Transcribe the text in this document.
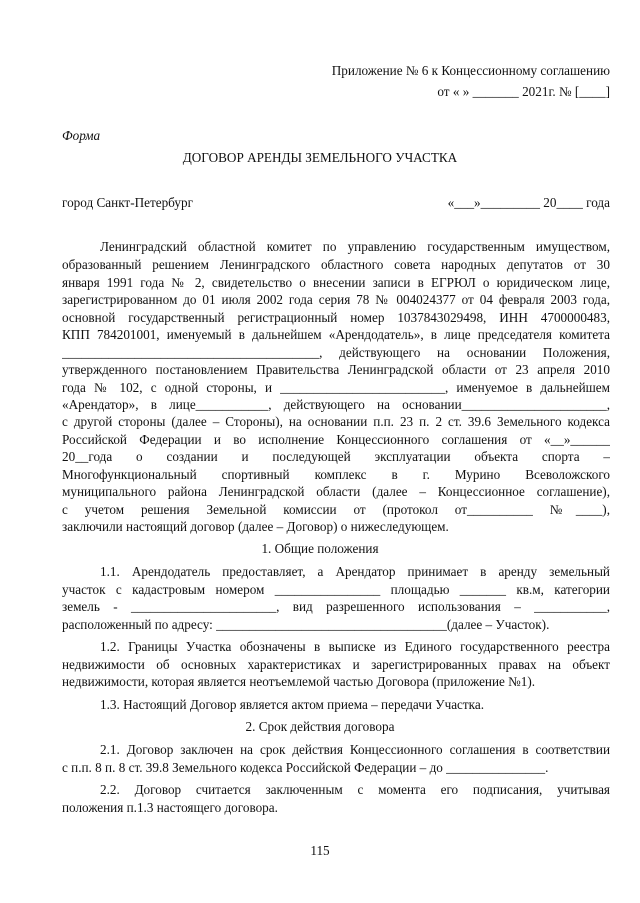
Приложение № 6 к Концессионному соглашению
от « » _______ 2021г. № [____]
Форма
ДОГОВОР АРЕНДЫ ЗЕМЕЛЬНОГО УЧАСТКА
город Санкт-Петербург	«___»_________ 20____ года
Ленинградский областной комитет по управлению государственным имуществом,
образованный решением Ленинградского областного совета народных депутатов от 30
января 1991 года № 2, свидетельство о внесении записи в ЕГРЮЛ о юридическом лице,
зарегистрированном до 01 июля 2002 года серия 78 № 004024377 от 04 февраля 2003 года,
основной государственный регистрационный номер 1037843029498, ИНН 4700000483,
КПП 784201001, именуемый в дальнейшем «Арендодатель», в лице председателя комитета
_______________________________________, действующего на основании Положения,
утвержденного постановлением Правительства Ленинградской области от 23 апреля 2010
года № 102, с одной стороны, и _________________________, именуемое в дальнейшем
«Арендатор», в лице___________, действующего на основании______________________,
с другой стороны (далее – Стороны), на основании п.п. 23 п. 2 ст. 39.6 Земельного кодекса
Российской Федерации и во исполнение Концессионного соглашения от «__»______
20__года о создании и последующей эксплуатации объекта спорта –
Многофункциональный спортивный комплекс в г. Мурино Всеволожского
муниципального района Ленинградской области (далее – Концессионное соглашение),
с учетом решения Земельной комиссии от (протокол от__________ №____),
заключили настоящий договор (далее – Договор) о нижеследующем.
1. Общие положения
1.1. Арендодатель предоставляет, а Арендатор принимает в аренду земельный
участок с кадастровым номером ________________ площадью _______ кв.м, категории
земель - ______________________, вид разрешенного использования – ___________,
расположенный по адресу: ___________________________________(далее – Участок).
1.2. Границы Участка обозначены в выписке из Единого государственного реестра
недвижимости об основных характеристиках и зарегистрированных правах на объект
недвижимости, которая является неотъемлемой частью Договора (приложение №1).
1.3. Настоящий Договор является актом приема – передачи Участка.
2. Срок действия договора
2.1. Договор заключен на срок действия Концессионного соглашения в соответствии
с п.п. 8 п. 8 ст. 39.8 Земельного кодекса Российской Федерации – до _______________.
2.2. Договор считается заключенным с момента его подписания, учитывая
положения п.1.3 настоящего договора.
115
